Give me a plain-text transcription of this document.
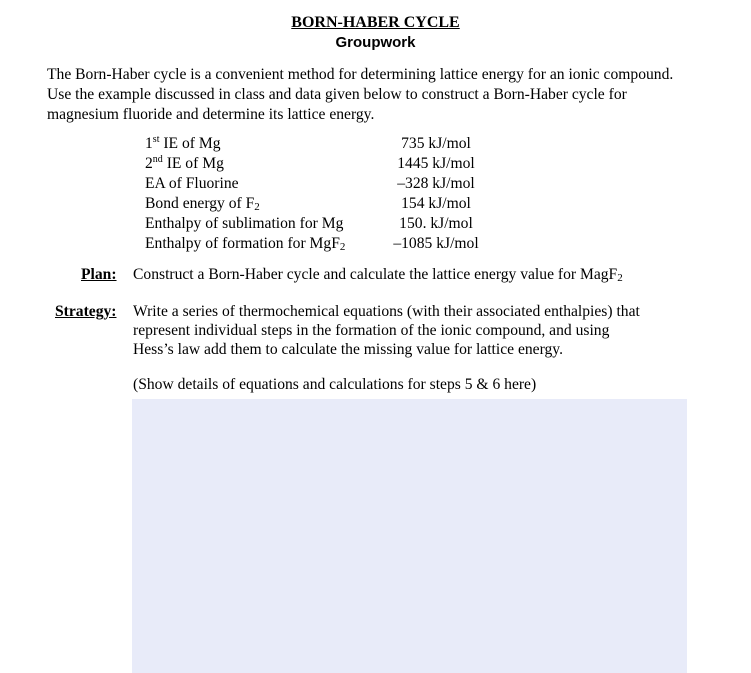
BORN-HABER CYCLE
Groupwork
The Born-Haber cycle is a convenient method for determining lattice energy for an ionic compound. Use the example discussed in class and data given below to construct a Born-Haber cycle for magnesium fluoride and determine its lattice energy.
1st IE of Mg	735 kJ/mol
2nd IE of Mg	1445 kJ/mol
EA of Fluorine	–328 kJ/mol
Bond energy of $F_2$	154 kJ/mol
Enthalpy of sublimation for Mg	150. kJ/mol
Enthalpy of formation for MgF$_2$	–1085 kJ/mol
Plan: Construct a Born-Haber cycle and calculate the lattice energy value for MagF$_2$
Strategy: Write a series of thermochemical equations (with their associated enthalpies) that
represent individual steps in the formation of the ionic compound, and using
Hess’s law add them to calculate the missing value for lattice energy.
(Show details of equations and calculations for steps 5 & 6 here)
